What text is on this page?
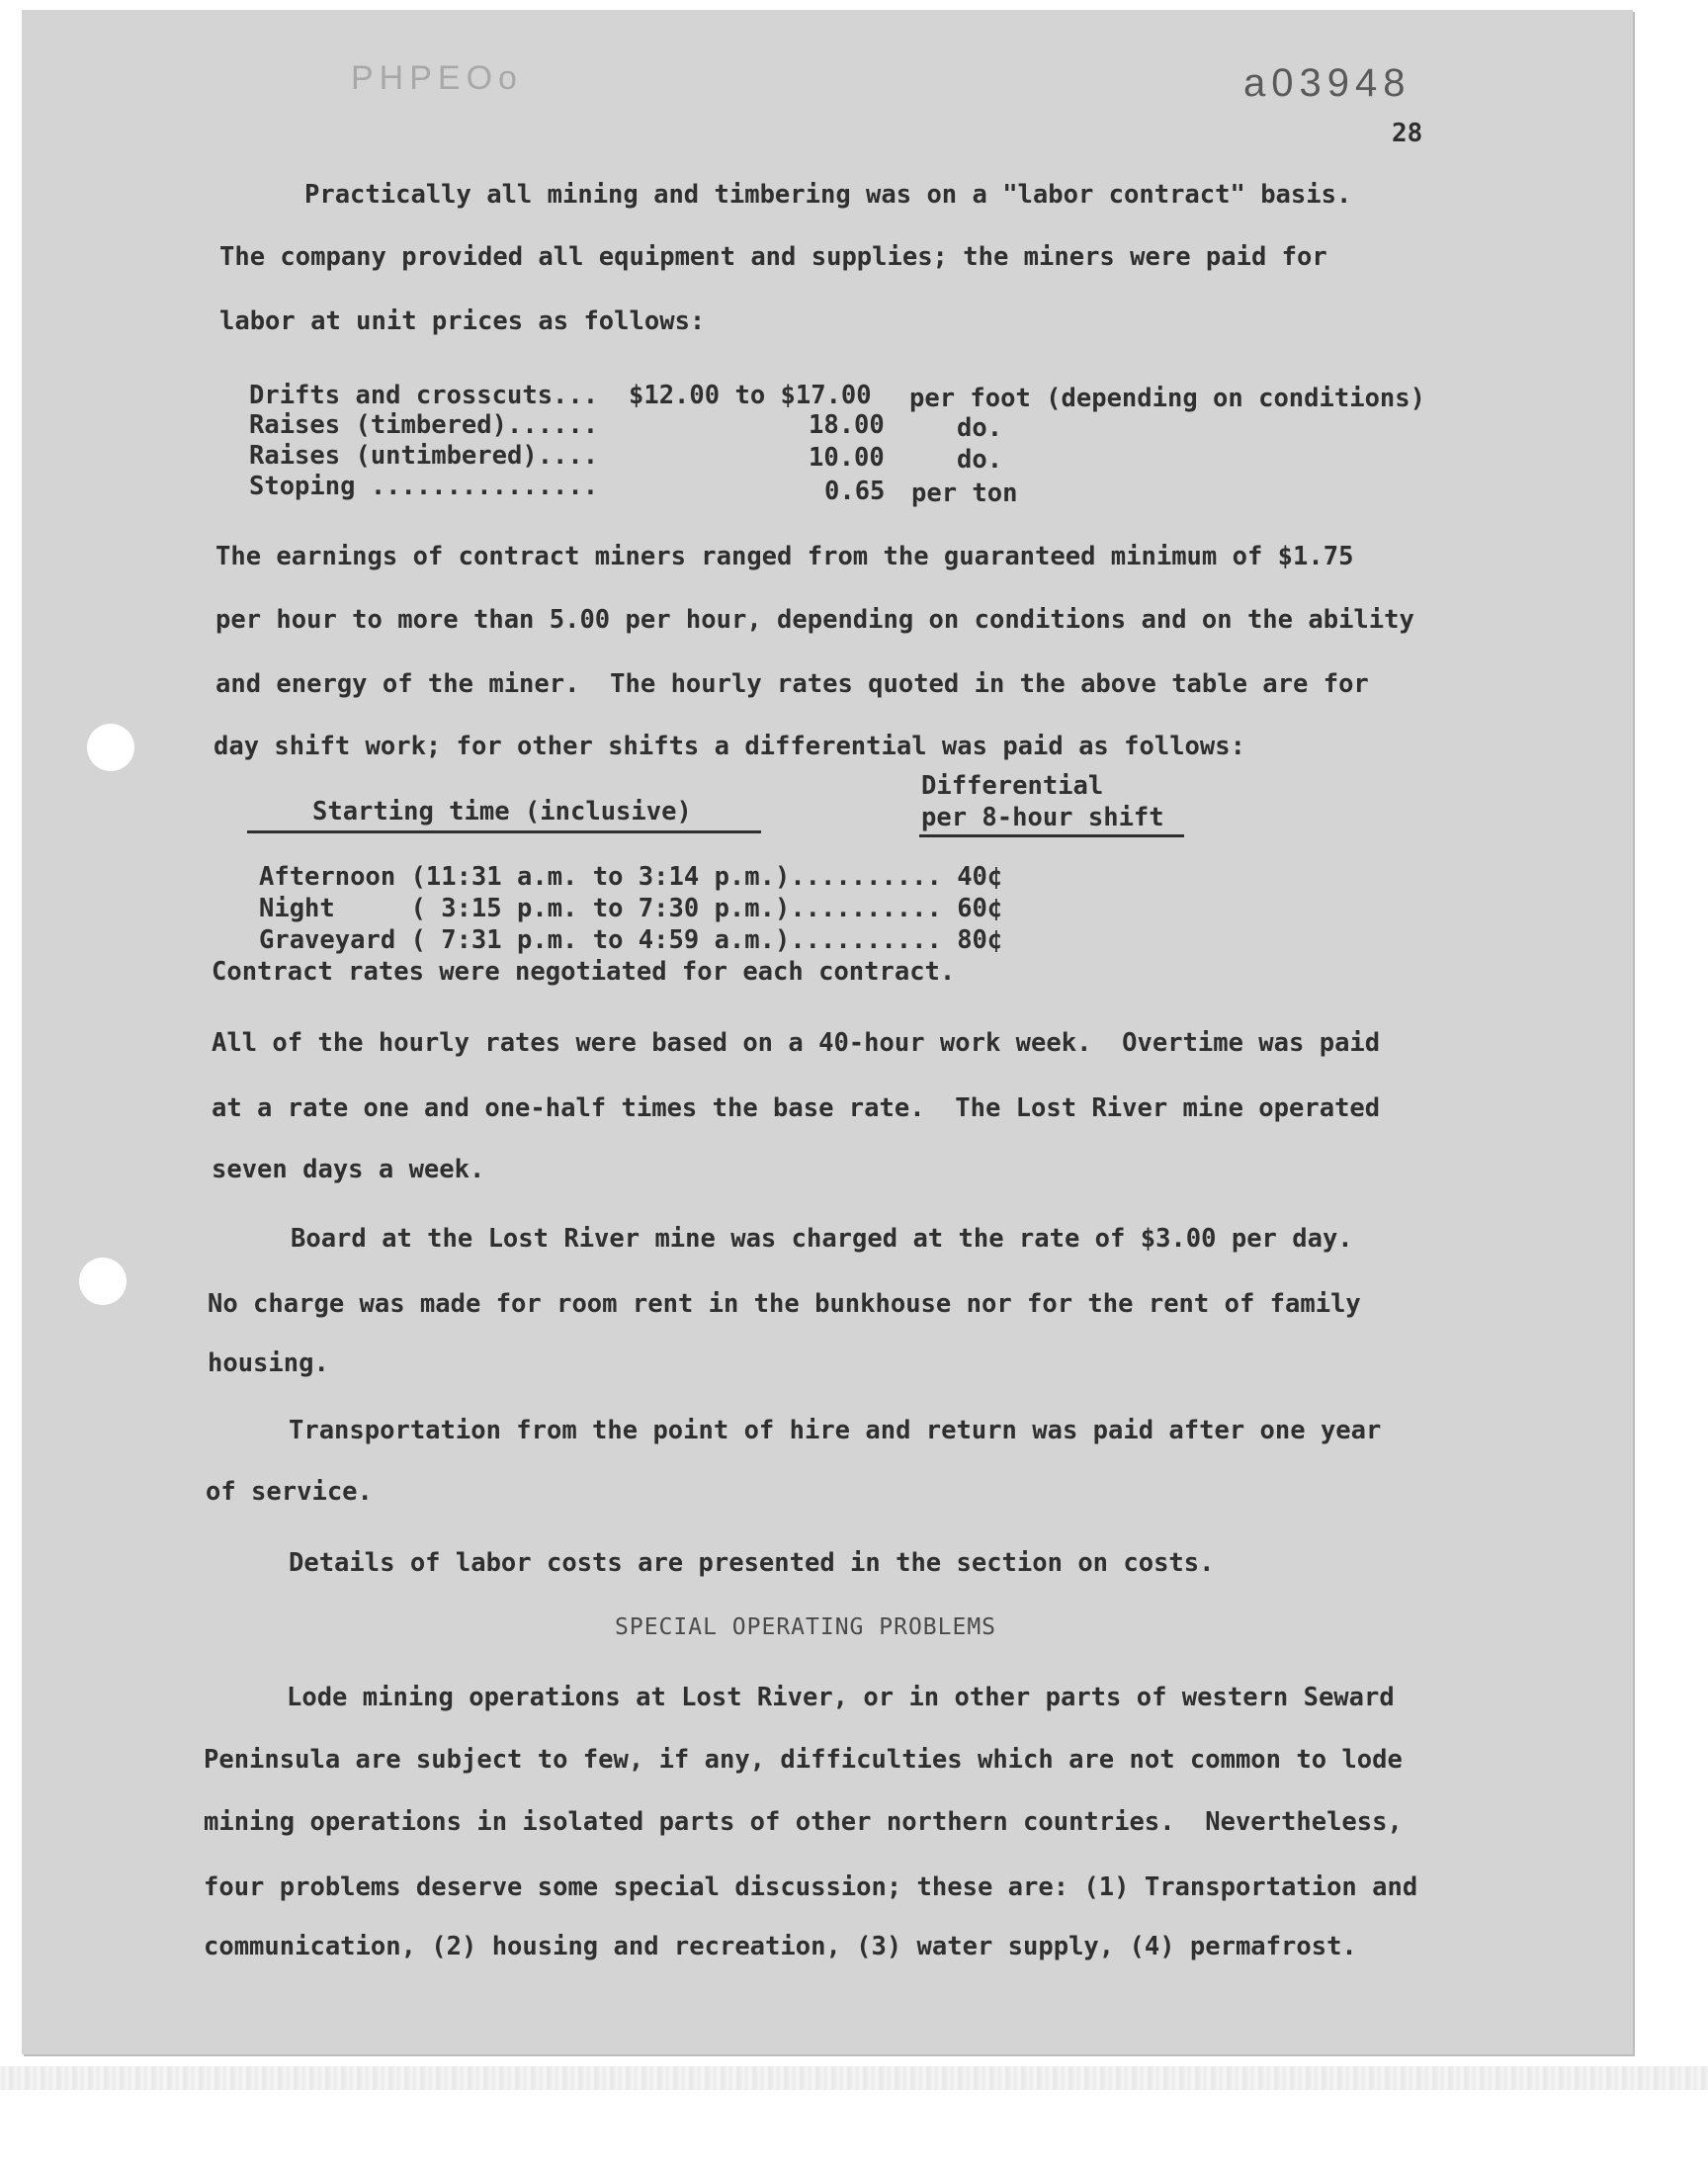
PHPEOo	a03948
28
Practically all mining and timbering was on a "labor contract" basis.
The company provided all equipment and supplies; the miners were paid for
labor at unit prices as follows:
Drifts and crosscuts... $12.00 to $17.00 per foot (depending on conditions)
Raises (timbered)......	18.00	do.
Raises (untimbered)....	10.00	do.
Stoping ...............	0.65 per ton
The earnings of contract miners ranged from the guaranteed minimum of $1.75
per hour to more than 5.00 per hour, depending on conditions and on the ability
and energy of the miner.  The hourly rates quoted in the above table are for
day shift work; for other shifts a differential was paid as follows:
Differential
Starting time (inclusive)	per 8-hour shift
Afternoon (11:31 a.m. to 3:14 p.m.).......... 40¢
Night     ( 3:15 p.m. to 7:30 p.m.).......... 60¢
Graveyard ( 7:31 p.m. to 4:59 a.m.).......... 80¢
Contract rates were negotiated for each contract.
All of the hourly rates were based on a 40-hour work week.  Overtime was paid
at a rate one and one-half times the base rate.  The Lost River mine operated
seven days a week.
Board at the Lost River mine was charged at the rate of $3.00 per day.
No charge was made for room rent in the bunkhouse nor for the rent of family
housing.
Transportation from the point of hire and return was paid after one year
of service.
Details of labor costs are presented in the section on costs.
SPECIAL OPERATING PROBLEMS
Lode mining operations at Lost River, or in other parts of western Seward
Peninsula are subject to few, if any, difficulties which are not common to lode
mining operations in isolated parts of other northern countries.  Nevertheless,
four problems deserve some special discussion; these are: (1) Transportation and
communication, (2) housing and recreation, (3) water supply, (4) permafrost.
